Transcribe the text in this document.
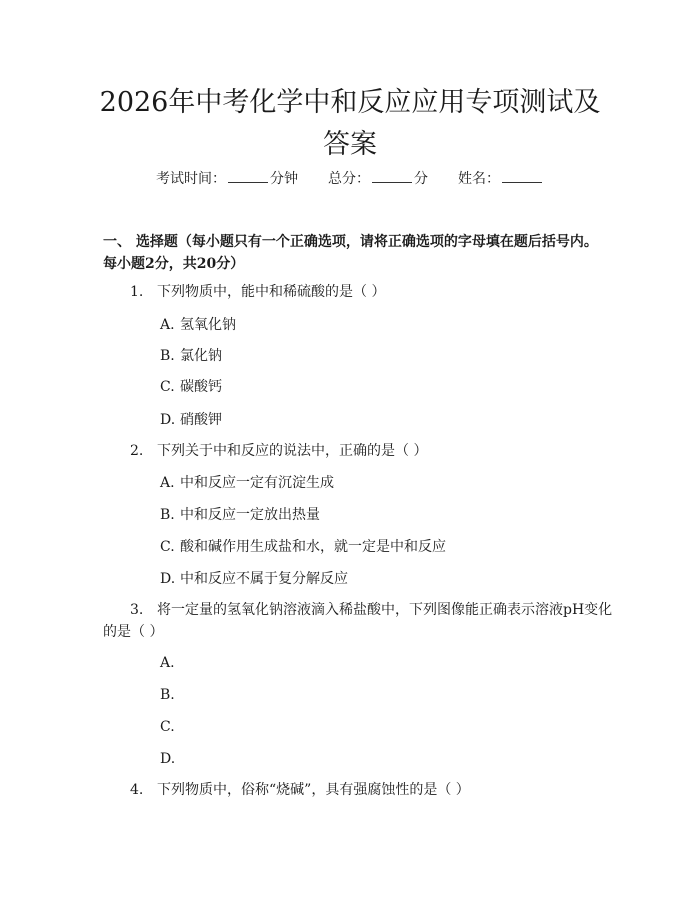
2026年中考化学中和反应应用专项测试及答案
考试时间：	分钟 总分：	分 姓名：

一、 选择题（每小题只有一个正确选项，请将正确选项的字母填在题后括号内。每小题2分，共20分）

1. 下列物质中，能中和稀硫酸的是（ ）
A. 氢氧化钠
B. 氯化钠
C. 碳酸钙
D. 硝酸钾
2. 下列关于中和反应的说法中，正确的是（ ）
A. 中和反应一定有沉淀生成
B. 中和反应一定放出热量
C. 酸和碱作用生成盐和水，就一定是中和反应
D. 中和反应不属于复分解反应
3. 将一定量的氢氧化钠溶液滴入稀盐酸中，下列图像能正确表示溶液pH变化的是（ ）
A.
B.
C.
D.
4. 下列物质中，俗称“烧碱”，具有强腐蚀性的是（ ）
